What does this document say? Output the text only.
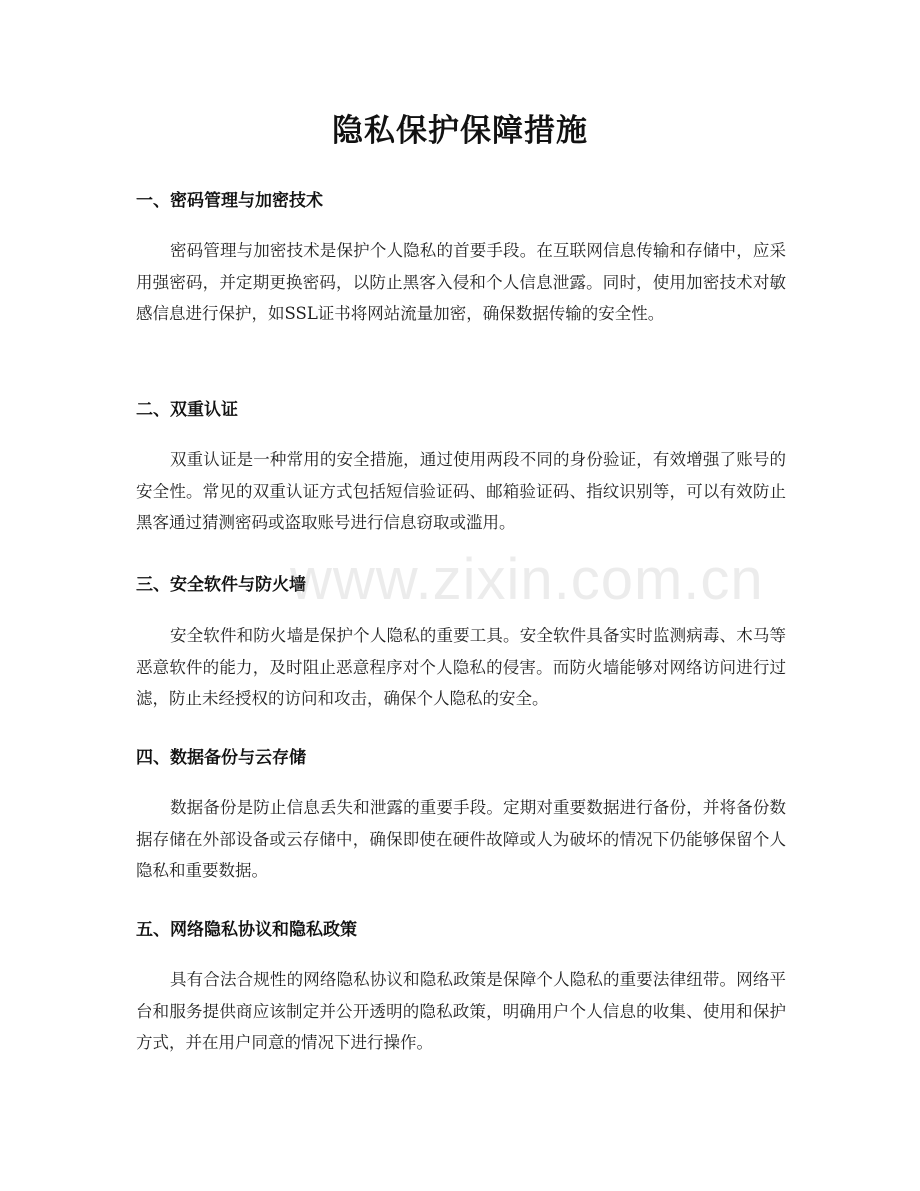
隐私保护保障措施
一、密码管理与加密技术

密码管理与加密技术是保护个人隐私的首要手段。在互联网信息传输和存储中，应采用强密码，并定期更换密码，以防止黑客入侵和个人信息泄露。同时，使用加密技术对敏感信息进行保护，如SSL证书将网站流量加密，确保数据传输的安全性。

二、双重认证

双重认证是一种常用的安全措施，通过使用两段不同的身份验证，有效增强了账号的安全性。常见的双重认证方式包括短信验证码、邮箱验证码、指纹识别等，可以有效防止黑客通过猜测密码或盗取账号进行信息窃取或滥用。

三、安全软件与防火墙

安全软件和防火墙是保护个人隐私的重要工具。安全软件具备实时监测病毒、木马等恶意软件的能力，及时阻止恶意程序对个人隐私的侵害。而防火墙能够对网络访问进行过滤，防止未经授权的访问和攻击，确保个人隐私的安全。

四、数据备份与云存储

数据备份是防止信息丢失和泄露的重要手段。定期对重要数据进行备份，并将备份数据存储在外部设备或云存储中，确保即使在硬件故障或人为破坏的情况下仍能够保留个人隐私和重要数据。

五、网络隐私协议和隐私政策

具有合法合规性的网络隐私协议和隐私政策是保障个人隐私的重要法律纽带。网络平台和服务提供商应该制定并公开透明的隐私政策，明确用户个人信息的收集、使用和保护方式，并在用户同意的情况下进行操作。

www.zixin.com.cn
